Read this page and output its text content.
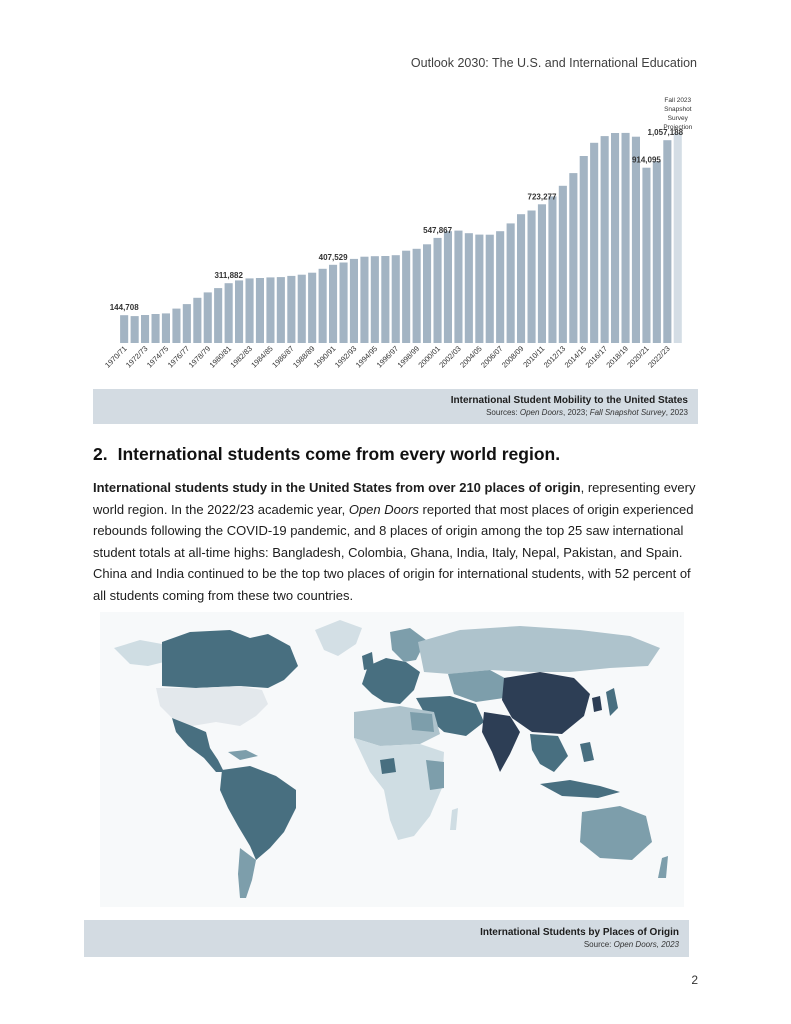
Outlook 2030: The U.S. and International Education
144,708
311,882
407,529
547,867
723,277
914,095
1,057,188
1970/71
1972/73
1974/75
1976/77
1978/79
1980/81
1982/83
1984/85
1986/87
1988/89
1990/91
1992/93
1994/95
1996/97
1998/99
2000/01
2002/03
2004/05
2006/07
2008/09
2010/11
2012/13
2014/15
2016/17
2018/19
2020/21
2022/23
Fall 2023
Snapshot
Survey
Projection
International Student Mobility to the United States
Sources: Open Doors, 2023; Fall Snapshot Survey, 2023
2. International students come from every world region.

International students study in the United States from over 210 places of origin, representing every world region. In the 2022/23 academic year, Open Doors reported that most places of origin experienced rebounds following the COVID-19 pandemic, and 8 places of origin among the top 25 saw international student totals at all-time highs: Bangladesh, Colombia, Ghana, India, Italy, Nepal, Pakistan, and Spain. China and India continued to be the top two places of origin for international students, with 52 percent of all students coming from these two countries.

International Students by Places of Origin
Source: Open Doors, 2023
2
